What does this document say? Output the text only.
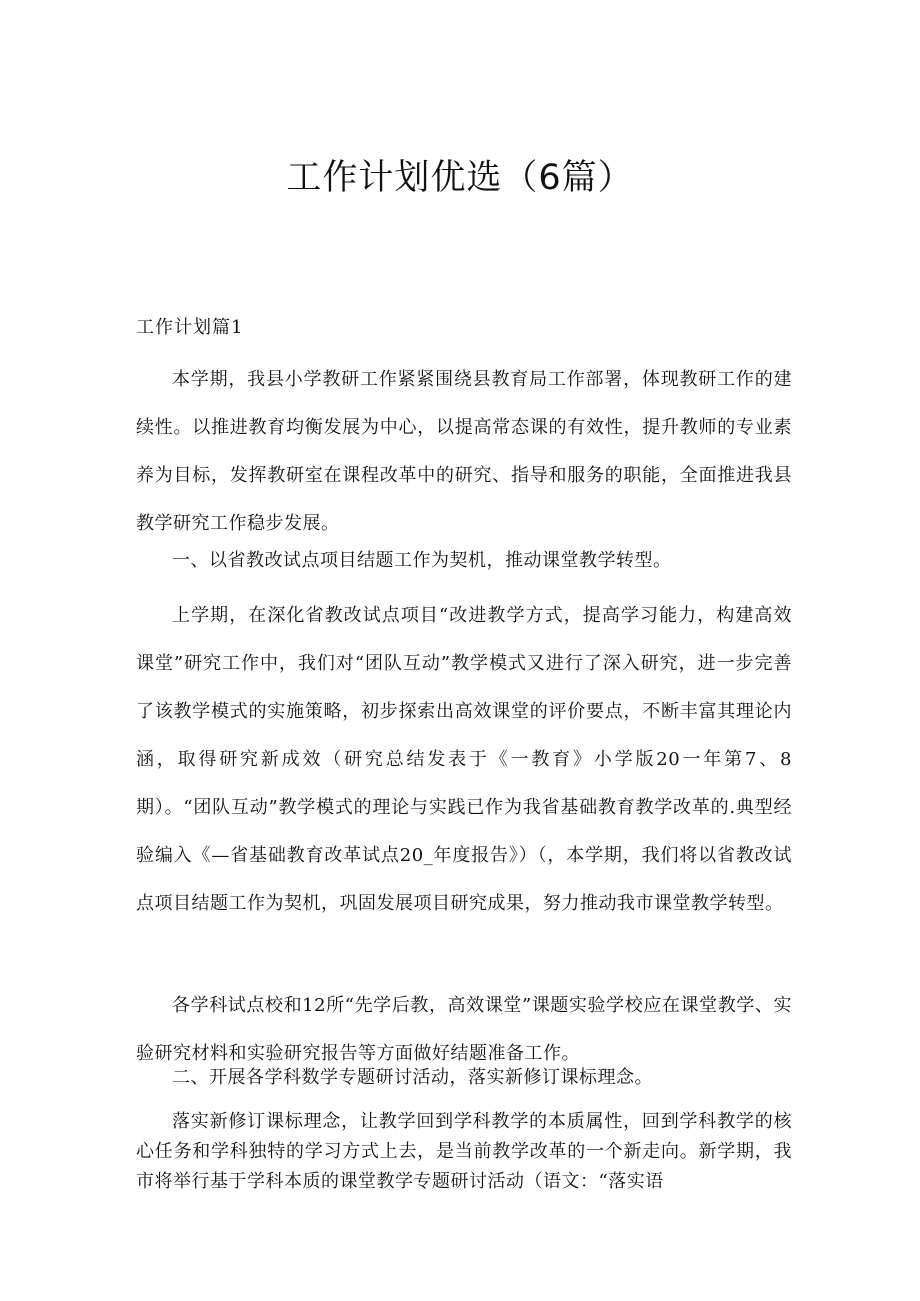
工作计划优选（6篇）
工作计划篇1

本学期，我县小学教研工作紧紧围绕县教育局工作部署，体现教研工作的建续性。以推进教育均衡发展为中心，以提高常态课的有效性，提升教师的专业素养为目标，发挥教研室在课程改革中的研究、指导和服务的职能，全面推进我县教学研究工作稳步发展。

一、以省教改试点项目结题工作为契机，推动课堂教学转型。

上学期，在深化省教改试点项目“改进教学方式，提高学习能力，构建高效课堂”研究工作中，我们对“团队互动”教学模式又进行了深入研究，进一步完善了该教学模式的实施策略，初步探索出高效课堂的评价要点，不断丰富其理论内涵，取得研究新成效（研究总结发表于《一教育》小学版20一年第7、8期）。“团队互动”教学模式的理论与实践已作为我省基础教育教学改革的.典型经验编入《—省基础教育改革试点20_年度报告》）（，本学期，我们将以省教改试点项目结题工作为契机，巩固发展项目研究成果，努力推动我市课堂教学转型。

各学科试点校和12所“先学后教，高效课堂”课题实验学校应在课堂教学、实验研究材料和实验研究报告等方面做好结题准备工作。

二、开展各学科数学专题研讨活动，落实新修订课标理念。

落实新修订课标理念，让教学回到学科教学的本质属性，回到学科教学的核心任务和学科独特的学习方式上去，是当前教学改革的一个新走向。新学期，我市将举行基于学科本质的课堂教学专题研讨活动（语文：“落实语
